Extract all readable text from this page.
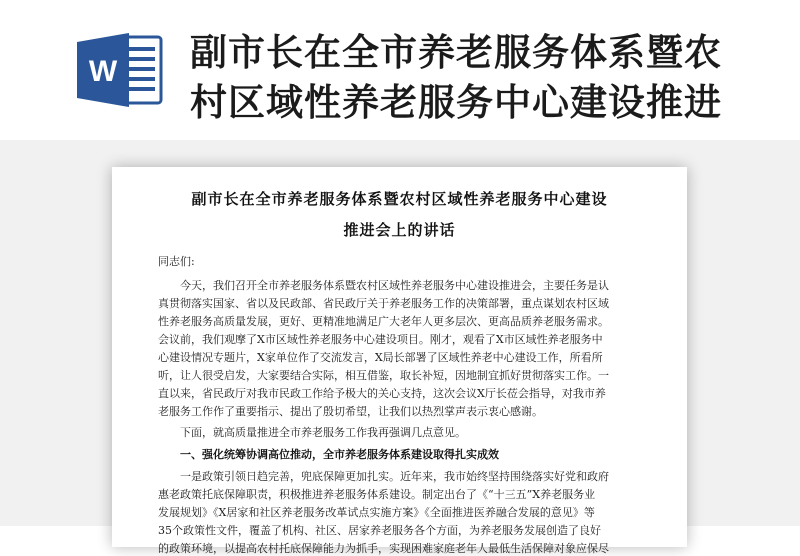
W 副市长在全市养老服务体系暨农
村区域性养老服务中心建设推进
副市长在全市养老服务体系暨农村区域性养老服务中心建设
推进会上的讲话
同志们:
今天，我们召开全市养老服务体系暨农村区域性养老服务中心建设推进会，主要任务是认
真贯彻落实国家、省以及民政部、省民政厅关于养老服务工作的决策部署，重点谋划农村区域
性养老服务高质量发展，更好、更精准地满足广大老年人更多层次、更高品质养老服务需求。
会议前，我们观摩了X市区域性养老服务中心建设项目。刚才，观看了X市区域性养老服务中
心建设情况专题片，X家单位作了交流发言，X局长部署了区域性养老中心建设工作，所看所
听，让人很受启发，大家要结合实际，相互借鉴，取长补短，因地制宜抓好贯彻落实工作。一
直以来，省民政厅对我市民政工作给予极大的关心支持，这次会议X厅长莅会指导，对我市养
老服务工作作了重要指示、提出了殷切希望，让我们以热烈掌声表示衷心感谢。
下面，就高质量推进全市养老服务工作我再强调几点意见。
一、强化统筹协调高位推动，全市养老服务体系建设取得扎实成效
一是政策引领日趋完善，兜底保障更加扎实。近年来，我市始终坚持围绕落实好党和政府
惠老政策托底保障职责，积极推进养老服务体系建设。制定出台了《“十三五”X养老服务业
发展规划》《X居家和社区养老服务改革试点实施方案》《全面推进医养融合发展的意见》等
35个政策性文件，覆盖了机构、社区、居家养老服务各个方面，为养老服务发展创造了良好
的政策环境，以提高农村托底保障能力为抓手，实现困难家庭老年人最低生活保障对象应保尽
